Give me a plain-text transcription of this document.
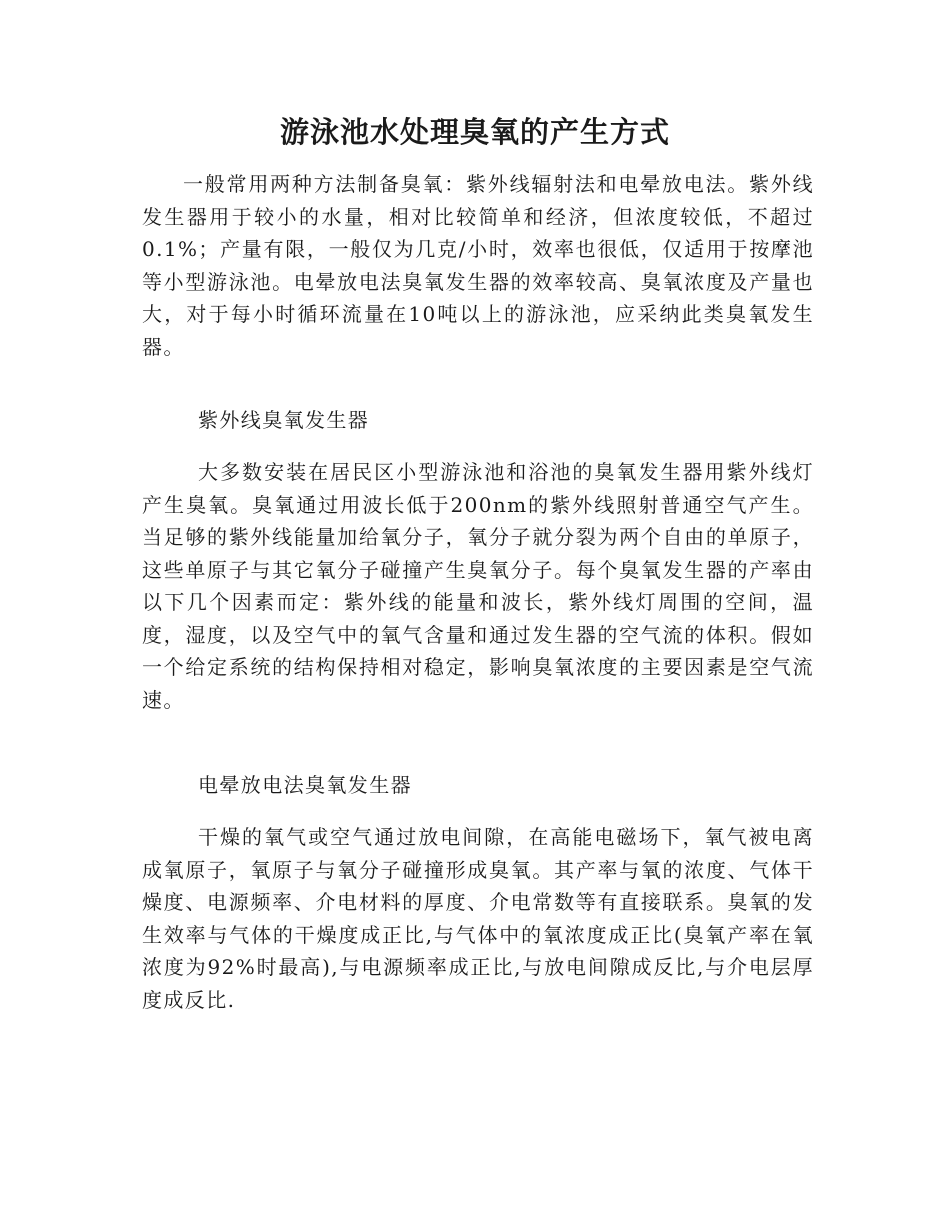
游泳池水处理臭氧的产生方式

一般常用两种方法制备臭氧：紫外线辐射法和电晕放电法。紫外线发生器用于较小的水量，相对比较简单和经济，但浓度较低，不超过0.1%；产量有限，一般仅为几克/小时，效率也很低，仅适用于按摩池等小型游泳池。电晕放电法臭氧发生器的效率较高、臭氧浓度及产量也大，对于每小时循环流量在10吨以上的游泳池，应采纳此类臭氧发生器。

紫外线臭氧发生器

大多数安装在居民区小型游泳池和浴池的臭氧发生器用紫外线灯产生臭氧。臭氧通过用波长低于200nm的紫外线照射普通空气产生。当足够的紫外线能量加给氧分子，氧分子就分裂为两个自由的单原子，这些单原子与其它氧分子碰撞产生臭氧分子。每个臭氧发生器的产率由以下几个因素而定：紫外线的能量和波长，紫外线灯周围的空间，温度，湿度，以及空气中的氧气含量和通过发生器的空气流的体积。假如一个给定系统的结构保持相对稳定，影响臭氧浓度的主要因素是空气流速。

电晕放电法臭氧发生器

干燥的氧气或空气通过放电间隙，在高能电磁场下，氧气被电离成氧原子，氧原子与氧分子碰撞形成臭氧。其产率与氧的浓度、气体干燥度、电源频率、介电材料的厚度、介电常数等有直接联系。臭氧的发生效率与气体的干燥度成正比,与气体中的氧浓度成正比(臭氧产率在氧浓度为92%时最高),与电源频率成正比,与放电间隙成反比,与介电层厚度成反比.
